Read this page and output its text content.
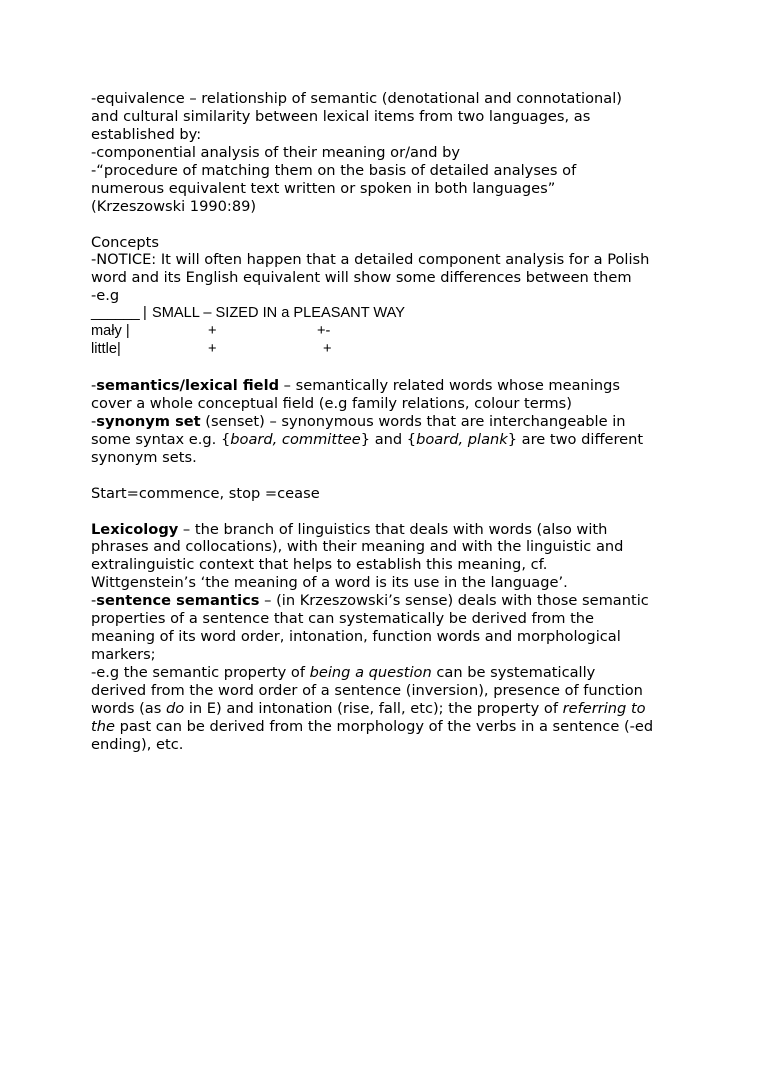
-equivalence – relationship of semantic (denotational and connotational)
and cultural similarity between lexical items from two languages, as
established by:
-componential analysis of their meaning or/and by
-“procedure of matching them on the basis of detailed analyses of
numerous equivalent text written or spoken in both languages”
(Krzeszowski 1990:89)
Concepts
-NOTICE: It will often happen that a detailed component analysis for a Polish
word and its English equivalent will show some differences between them
-e.g
______ | SMALL – SIZED IN a PLEASANT WAY
mały |	+	+-
little|	+	+
-semantics/lexical field – semantically related words whose meanings
cover a whole conceptual field (e.g family relations, colour terms)
-synonym set (senset) – synonymous words that are interchangeable in
some syntax e.g. {board, committee} and {board, plank} are two different
synonym sets.
Start=commence, stop =cease
Lexicology – the branch of linguistics that deals with words (also with
phrases and collocations), with their meaning and with the linguistic and
extralinguistic context that helps to establish this meaning, cf.
Wittgenstein’s ‘the meaning of a word is its use in the language’.
-sentence semantics – (in Krzeszowski’s sense) deals with those semantic
properties of a sentence that can systematically be derived from the
meaning of its word order, intonation, function words and morphological
markers;
-e.g the semantic property of being a question can be systematically
derived from the word order of a sentence (inversion), presence of function
words (as do in E) and intonation (rise, fall, etc); the property of referring to
the past can be derived from the morphology of the verbs in a sentence (-ed
ending), etc.
